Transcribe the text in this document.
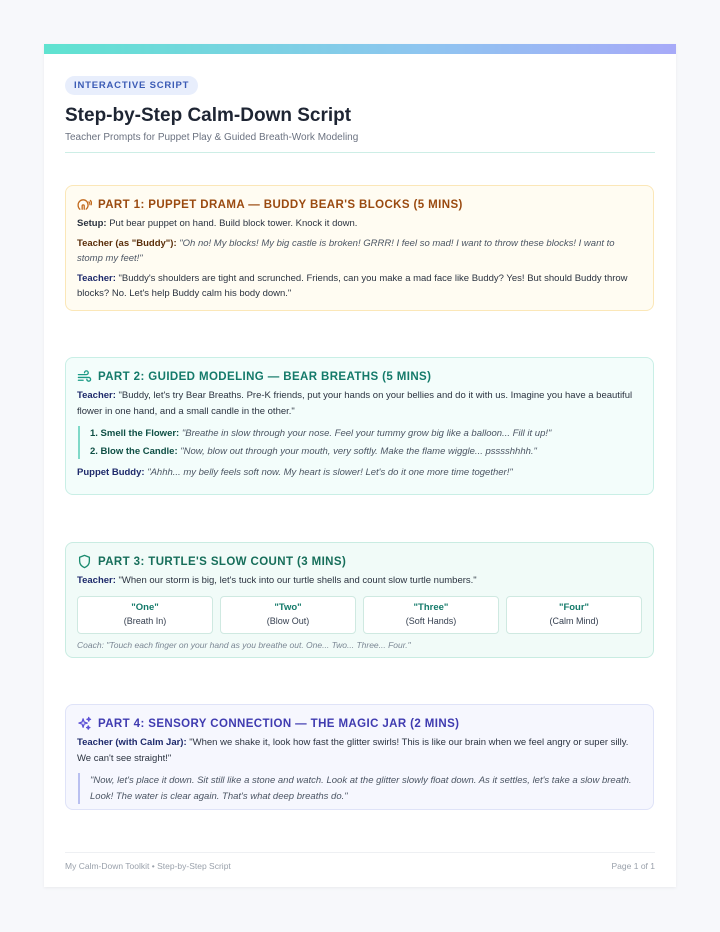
INTERACTIVE SCRIPT
Step-by-Step Calm-Down Script
Teacher Prompts for Puppet Play & Guided Breath-Work Modeling
PART 1: PUPPET DRAMA — BUDDY BEAR'S BLOCKS (5 MINS)

Setup: Put bear puppet on hand. Build block tower. Knock it down.

Teacher (as "Buddy"): "Oh no! My blocks! My big castle is broken! GRRR! I feel so mad! I want to throw these blocks! I want to stomp my feet!"

Teacher: "Buddy's shoulders are tight and scrunched. Friends, can you make a mad face like Buddy? Yes! But should Buddy throw blocks? No. Let's help Buddy calm his body down."

PART 2: GUIDED MODELING — BEAR BREATHS (5 MINS)

Teacher: "Buddy, let's try Bear Breaths. Pre-K friends, put your hands on your bellies and do it with us. Imagine you have a beautiful flower in one hand, and a small candle in the other."

1. Smell the Flower: "Breathe in slow through your nose. Feel your tummy grow big like a balloon... Fill it up!"

2. Blow the Candle: "Now, blow out through your mouth, very softly. Make the flame wiggle... psssshhhh."

Puppet Buddy: "Ahhh... my belly feels soft now. My heart is slower! Let's do it one more time together!"

PART 3: TURTLE'S SLOW COUNT (3 MINS)

Teacher: "When our storm is big, let's tuck into our turtle shells and count slow turtle numbers."

"One"
(Breath In)
"Two"
(Blow Out)
"Three"
(Soft Hands)
"Four"
(Calm Mind)
Coach: "Touch each finger on your hand as you breathe out. One... Two... Three... Four."
PART 4: SENSORY CONNECTION — THE MAGIC JAR (2 MINS)

Teacher (with Calm Jar): "When we shake it, look how fast the glitter swirls! This is like our brain when we feel angry or super silly. We can't see straight!"

"Now, let's place it down. Sit still like a stone and watch. Look at the glitter slowly float down. As it settles, let's take a slow breath. Look! The water is clear again. That's what deep breaths do."

My Calm-Down Toolkit • Step-by-Step Script	Page 1 of 1
